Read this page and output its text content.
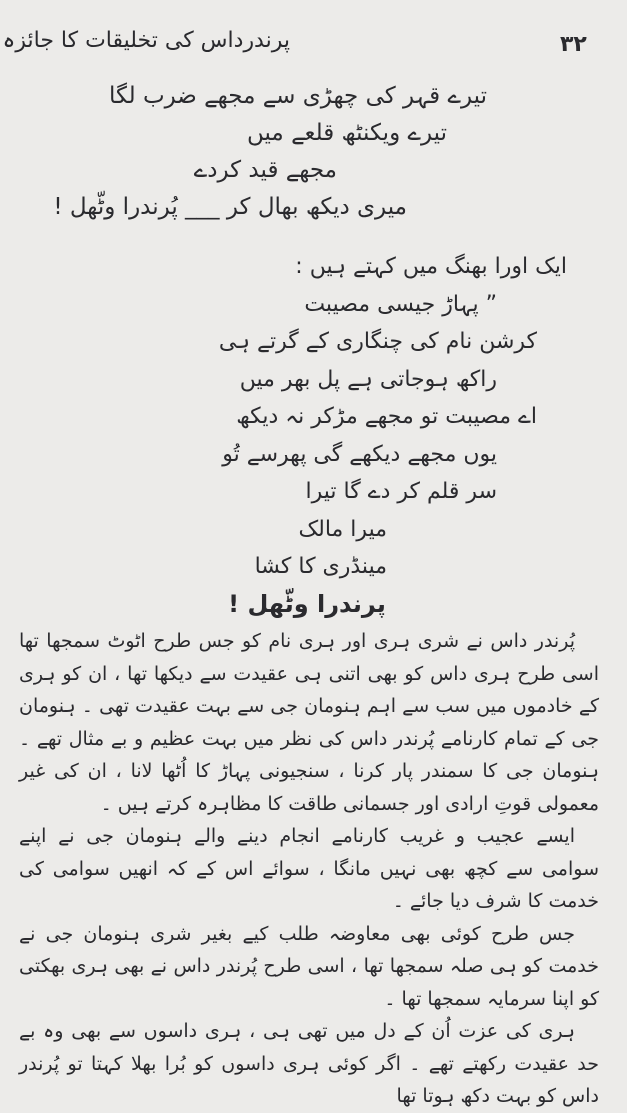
۳۲
پرندرداس کی تخلیقات کا جائزہ
تیرے قہر کی چھڑی سے مجھے ضرب لگا
تیرے ویکنٹھ قلعے میں
مجھے قید کردے
میری دیکھ بھال کر ___ پُرندرا وٹّھل !
ایک اورا بھنگ میں کہتے ہیں :
” پہاڑ جیسی مصیبت
کرشن نام کی چنگاری کے گرتے ہی
راکھ ہوجاتی ہے پل بھر میں
اے مصیبت تو مجھے مڑکر نہ دیکھ
یوں مجھے دیکھے گی پھرسے تُو
سر قلم کر دے گا تیرا
میرا مالک
مینڈری کا کشا
پرندرا وٹّھل !

پُرندر داس نے شری ہری اور ہری نام کو جس طرح اٹوٹ سمجھا تھا اسی طرح ہری داس کو بھی اتنی ہی عقیدت سے دیکھا تھا ، ان کو ہری کے خادموں میں سب سے اہم ہنومان جی سے بہت عقیدت تھی ۔ ہنومان جی کے تمام کارنامے پُرندر داس کی نظر میں بہت عظیم و بے مثال تھے ۔ ہنومان جی کا سمندر پار کرنا ، سنجیونی پہاڑ کا اُٹھا لانا ، ان کی غیر معمولی قوتِ ارادی اور جسمانی طاقت کا مظاہرہ کرتے ہیں ۔

ایسے عجیب و غریب کارنامے انجام دینے والے ہنومان جی نے اپنے سوامی سے کچھ بھی نہیں مانگا ، سوائے اس کے کہ انھیں سوامی کی خدمت کا شرف دیا جائے ۔

جس طرح کوئی بھی معاوضہ طلب کیے بغیر شری ہنومان جی نے خدمت کو ہی صلہ سمجھا تھا ، اسی طرح پُرندر داس نے بھی ہری بھکتی کو اپنا سرمایہ سمجھا تھا ۔

ہری کی عزت اُن کے دل میں تھی ہی ، ہری داسوں سے بھی وہ بے حد عقیدت رکھتے تھے ۔ اگر کوئی ہری داسوں کو بُرا بھلا کہتا تو پُرندر داس کو بہت دکھ ہوتا تھا
